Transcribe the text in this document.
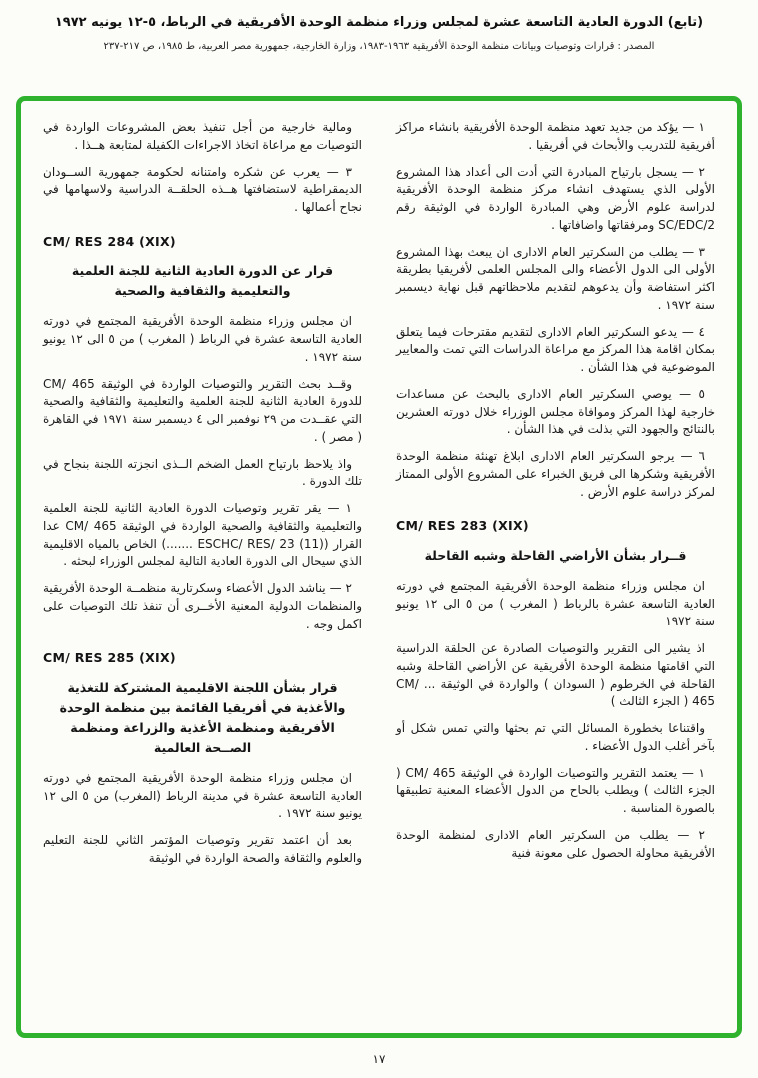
(تابع) الدورة العادية التاسعة عشرة لمجلس وزراء منظمة الوحدة الأفريقية في الرباط، ٥-١٢ يونيه ١٩٧٢
المصدر : قرارات وتوصيات وبيانات منظمة الوحدة الأفريقية ١٩٦٣-١٩٨٣، وزارة الخارجية، جمهورية مصر العربية، ط ١٩٨٥، ص ٢١٧-٢٣٧

١ — يؤكد من جديد تعهد منظمة الوحدة الأفريقية بانشاء مراكز أفريقية للتدريب والأبحاث في أفريقيا .

٢ — يسجل بارتياح المبادرة التي أدت الى أعداد هذا المشروع الأولى الذي يستهدف انشاء مركز منظمة الوحدة الأفريقية لدراسة علوم الأرض وهي المبادرة الواردة في الوثيقة رقم SC/EDC/2 ومرفقاتها واضافاتها .

٣ — يطلب من السكرتير العام الادارى ان يبعث بهذا المشروع الأولى الى الدول الأعضاء والى المجلس العلمى لأفريقيا بطريقة اكثر استفاضة وأن يدعوهم لتقديم ملاحظاتهم قبل نهاية ديسمبر سنة ١٩٧٢ .

٤ — يدعو السكرتير العام الادارى لتقديم مقترحات فيما يتعلق بمكان اقامة هذا المركز مع مراعاة الدراسات التي تمت والمعايير الموضوعية في هذا الشأن .

٥ — يوصي السكرتير العام الادارى بالبحث عن مساعدات خارجية لهذا المركز وموافاة مجلس الوزراء خلال دورته العشرين بالنتائج والجهود التي بذلت في هذا الشأن .

٦ — يرجو السكرتير العام الادارى ابلاغ تهنئة منظمة الوحدة الأفريقية وشكرها الى فريق الخبراء على المشروع الأولى الممتاز لمركز دراسة علوم الأرض .

CM/ RES 283 (XIX)
قــرار بشأن الأراضي القاحلة وشبه القاحلة

ان مجلس وزراء منظمة الوحدة الأفريقية المجتمع في دورته العادية التاسعة عشرة بالرباط ( المغرب ) من ٥ الى ١٢ يونيو سنة ١٩٧٢

اذ يشير الى التقرير والتوصيات الصادرة عن الحلقة الدراسية التي اقامتها منظمة الوحدة الأفريقية عن الأراضي القاحلة وشبه القاحلة في الخرطوم ( السودان ) والواردة في الوثيقة ... CM/ 465 ( الجزء الثالث )

واقتناعا بخطورة المسائل التي تم بحثها والتي تمس شكل أو بآخر أغلب الدول الأعضاء .

١ — يعتمد التقرير والتوصيات الواردة في الوثيقة CM/ 465 ( الجزء الثالث ) ويطلب بالحاح من الدول الأعضاء المعنية تطبيقها بالصورة المناسبة .

٢ — يطلب من السكرتير العام الادارى لمنظمة الوحدة الأفريقية محاولة الحصول على معونة فنية

ومالية خارجية من أجل تنفيذ بعض المشروعات الواردة في التوصيات مع مراعاة اتخاذ الاجراءات الكفيلة لمتابعة هــذا .

٣ — يعرب عن شكره وامتنانه لحكومة جمهورية الســودان الديمقراطية لاستضافتها هــذه الحلقــة الدراسية ولاسهامها في نجاح أعمالها .

CM/ RES 284 (XIX)
قرار عن الدورة العادية الثانية للجنة العلمية والتعليمية والثقافية والصحية

ان مجلس وزراء منظمة الوحدة الأفريقية المجتمع في دورته العادية التاسعة عشرة في الرباط ( المغرب ) من ٥ الى ١٢ يونيو سنة ١٩٧٢ .

وقــد بحث التقرير والتوصيات الواردة في الوثيقة CM/ 465 للدورة العادية الثانية للجنة العلمية والتعليمية والثقافية والصحية التي عقــدت من ٢٩ نوفمبر الى ٤ ديسمبر سنة ١٩٧١ في القاهرة ( مصر ) .

واذ يلاحظ بارتياح العمل الضخم الــذى انجزته اللجنة بنجاح في تلك الدورة .

١ — يقر تقرير وتوصيات الدورة العادية الثانية للجنة العلمية والتعليمية والثقافية والصحية الواردة في الوثيقة CM/ 465 عدا القرار (ESCHC/ RES/ 23 (11) .......) الخاص بالمياه الاقليمية الذي سيحال الى الدورة العادية التالية لمجلس الوزراء لبحثه .

٢ — يناشد الدول الأعضاء وسكرتارية منظمــة الوحدة الأفريقية والمنظمات الدولية المعنية الأخــرى أن تنفذ تلك التوصيات على اكمل وجه .

CM/ RES 285 (XIX)
قرار بشأن اللجنة الاقليمية المشتركة للتغذية والأغذية في أفريقيا القائمة بين منظمة الوحدة الأفريقية ومنظمة الأغذية والزراعة ومنظمة الصــحة العالمية

ان مجلس وزراء منظمة الوحدة الأفريقية المجتمع في دورته العادية التاسعة عشرة في مدينة الرباط (المغرب) من ٥ الى ١٢ يونيو سنة ١٩٧٢ .

بعد أن اعتمد تقرير وتوصيات المؤتمر الثاني للجنة التعليم والعلوم والثقافة والصحة الواردة في الوثيقة

١٧
